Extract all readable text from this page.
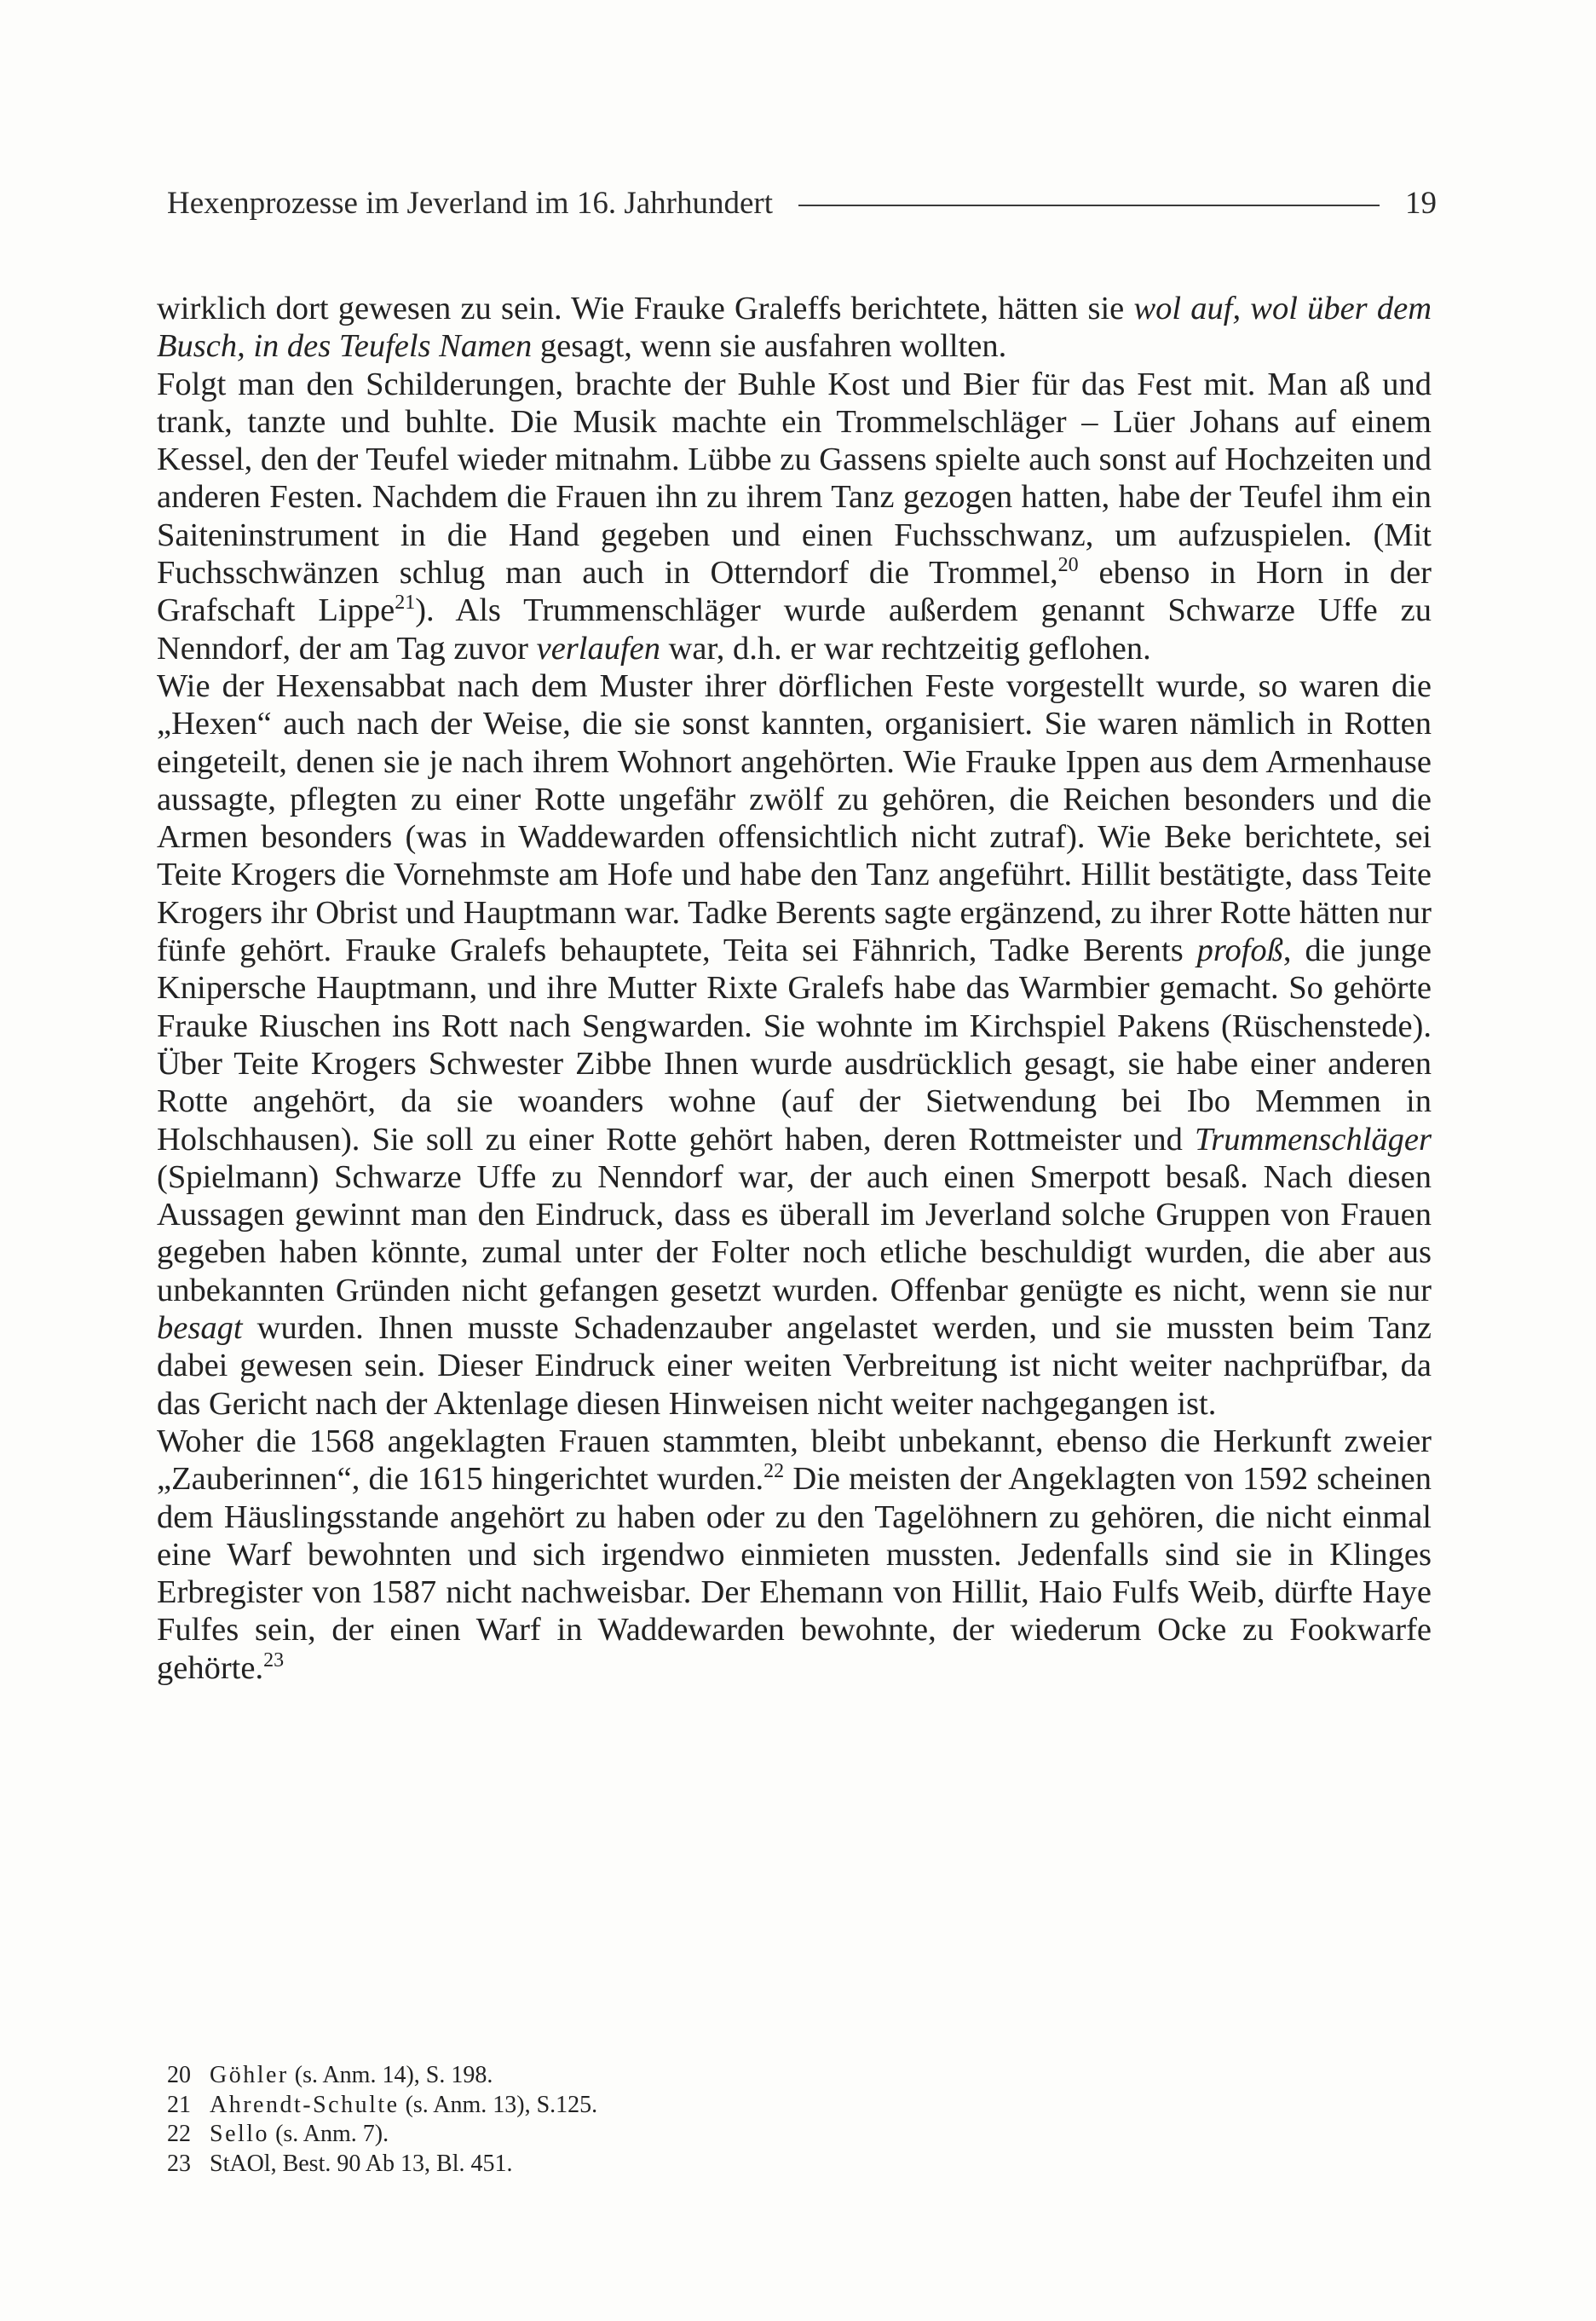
Hexenprozesse im Jeverland im 16. Jahrhundert	19

wirklich dort gewesen zu sein. Wie Frauke Graleffs berichtete, hätten sie wol auf, wol über dem Busch, in des Teufels Namen gesagt, wenn sie ausfahren wollten.

Folgt man den Schilderungen, brachte der Buhle Kost und Bier für das Fest mit. Man aß und trank, tanzte und buhlte. Die Musik machte ein Trommelschläger – Lüer Johans auf einem Kessel, den der Teufel wieder mitnahm. Lübbe zu Gassens spielte auch sonst auf Hochzeiten und anderen Festen. Nachdem die Frauen ihn zu ihrem Tanz gezogen hatten, habe der Teufel ihm ein Saiteninstrument in die Hand gegeben und einen Fuchsschwanz, um aufzuspielen. (Mit Fuchsschwänzen schlug man auch in Otterndorf die Trommel,$^{20}$ ebenso in Horn in der Grafschaft Lippe$^{21}$). Als Trummenschläger wurde außerdem genannt Schwarze Uffe zu Nenndorf, der am Tag zuvor verlaufen war, d.h. er war rechtzeitig geflohen.

Wie der Hexensabbat nach dem Muster ihrer dörflichen Feste vorgestellt wurde, so waren die „Hexen“ auch nach der Weise, die sie sonst kannten, organisiert. Sie waren nämlich in Rotten eingeteilt, denen sie je nach ihrem Wohnort angehörten. Wie Frauke Ippen aus dem Armenhause aussagte, pflegten zu einer Rotte ungefähr zwölf zu gehören, die Reichen besonders und die Armen besonders (was in Waddewarden offensichtlich nicht zutraf). Wie Beke berichtete, sei Teite Krogers die Vornehmste am Hofe und habe den Tanz angeführt. Hillit bestätigte, dass Teite Krogers ihr Obrist und Hauptmann war. Tadke Berents sagte ergänzend, zu ihrer Rotte hätten nur fünfe gehört. Frauke Gralefs behauptete, Teita sei Fähnrich, Tadke Berents profoß, die junge Knipersche Hauptmann, und ihre Mutter Rixte Gralefs habe das Warmbier gemacht. So gehörte Frauke Riuschen ins Rott nach Sengwarden. Sie wohnte im Kirchspiel Pakens (Rüschenstede). Über Teite Krogers Schwester Zibbe Ihnen wurde ausdrücklich gesagt, sie habe einer anderen Rotte angehört, da sie woanders wohne (auf der Sietwendung bei Ibo Memmen in Holschhausen). Sie soll zu einer Rotte gehört haben, deren Rottmeister und Trummenschläger (Spielmann) Schwarze Uffe zu Nenndorf war, der auch einen Smerpott besaß. Nach diesen Aussagen gewinnt man den Eindruck, dass es überall im Jeverland solche Gruppen von Frauen gegeben haben könnte, zumal unter der Folter noch etliche beschuldigt wurden, die aber aus unbekannten Gründen nicht gefangen gesetzt wurden. Offenbar genügte es nicht, wenn sie nur besagt wurden. Ihnen musste Schadenzauber angelastet werden, und sie mussten beim Tanz dabei gewesen sein. Dieser Eindruck einer weiten Verbreitung ist nicht weiter nachprüfbar, da das Gericht nach der Aktenlage diesen Hinweisen nicht weiter nachgegangen ist.

Woher die 1568 angeklagten Frauen stammten, bleibt unbekannt, ebenso die Herkunft zweier „Zauberinnen“, die 1615 hingerichtet wurden.$^{22}$ Die meisten der Angeklagten von 1592 scheinen dem Häuslingsstande angehört zu haben oder zu den Tagelöhnern zu gehören, die nicht einmal eine Warf bewohnten und sich irgendwo einmieten mussten. Jedenfalls sind sie in Klinges Erbregister von 1587 nicht nachweisbar. Der Ehemann von Hillit, Haio Fulfs Weib, dürfte Haye Fulfes sein, der einen Warf in Waddewarden bewohnte, der wiederum Ocke zu Fookwarfe gehörte.$^{23}$

20 Göhler (s. Anm. 14), S. 198.
21 Ahrendt-Schulte (s. Anm. 13), S.125.
22 Sello (s. Anm. 7).
23 StAOl, Best. 90 Ab 13, Bl. 451.
